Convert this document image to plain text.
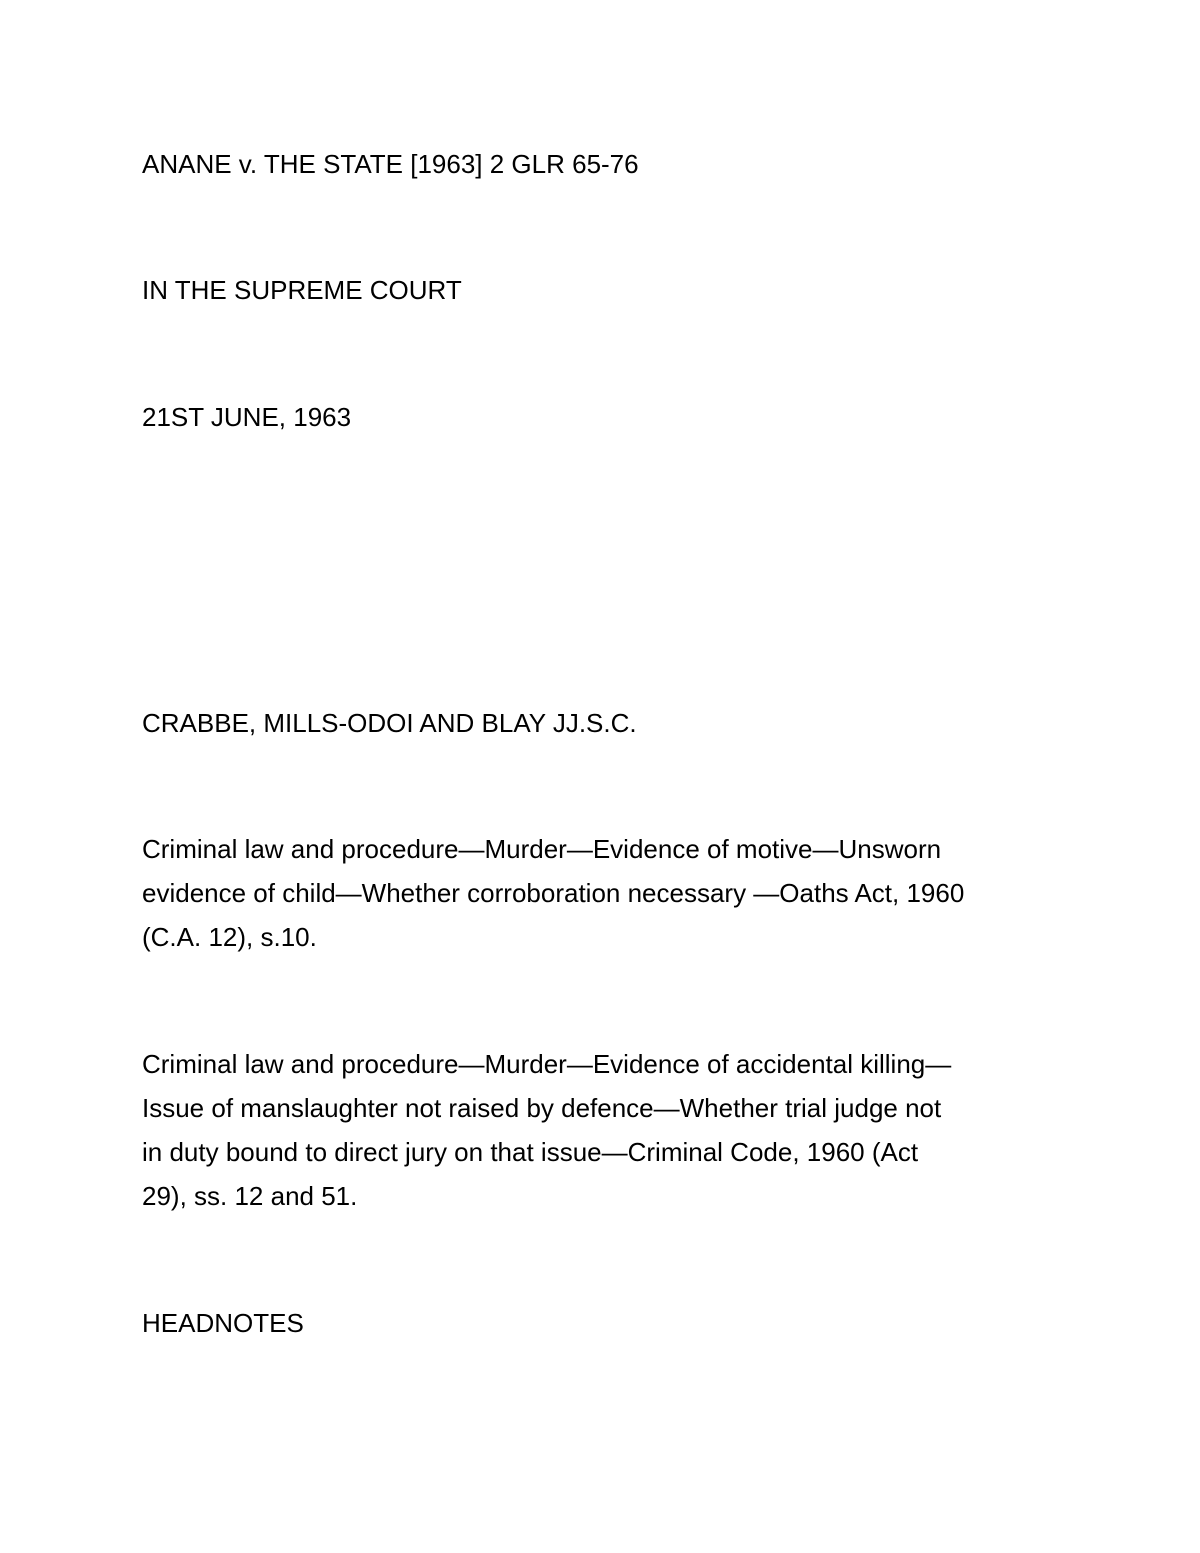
ANANE v. THE STATE [1963] 2 GLR 65-76

IN THE SUPREME COURT

21ST JUNE, 1963

CRABBE, MILLS-ODOI AND BLAY JJ.S.C.

Criminal law and procedure—Murder—Evidence of motive—Unsworn
evidence of child—Whether corroboration necessary —Oaths Act, 1960
(C.A. 12), s.10.
Criminal law and procedure—Murder—Evidence of accidental killing—
Issue of manslaughter not raised by defence—Whether trial judge not
in duty bound to direct jury on that issue—Criminal Code, 1960 (Act
29), ss. 12 and 51.

HEADNOTES
